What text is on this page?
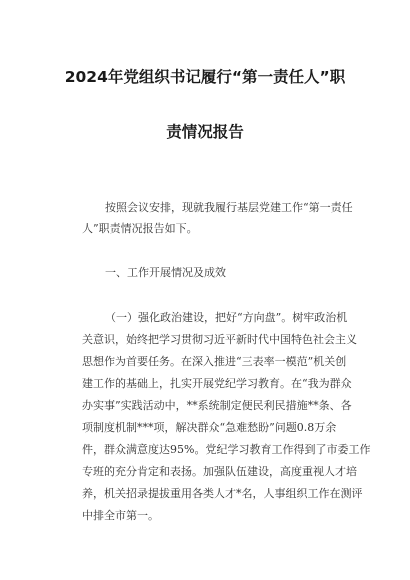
2024年党组织书记履行“第一责任人”职
责情况报告
按照会议安排，现就我履行基层党建工作“第一责任
人”职责情况报告如下。
一、工作开展情况及成效
（一）强化政治建设，把好“方向盘”。树牢政治机
关意识，始终把学习贯彻习近平新时代中国特色社会主义
思想作为首要任务。在深入推进“三表率一模范”机关创
建工作的基础上，扎实开展党纪学习教育。在“我为群众
办实事”实践活动中，**系统制定便民利民措施**条、各
项制度机制***项，解决群众“急难愁盼”问题0.8万余
件，群众满意度达95%。党纪学习教育工作得到了市委工作
专班的充分肯定和表扬。加强队伍建设，高度重视人才培
养，机关招录提拔重用各类人才*名，人事组织工作在测评
中排全市第一。
